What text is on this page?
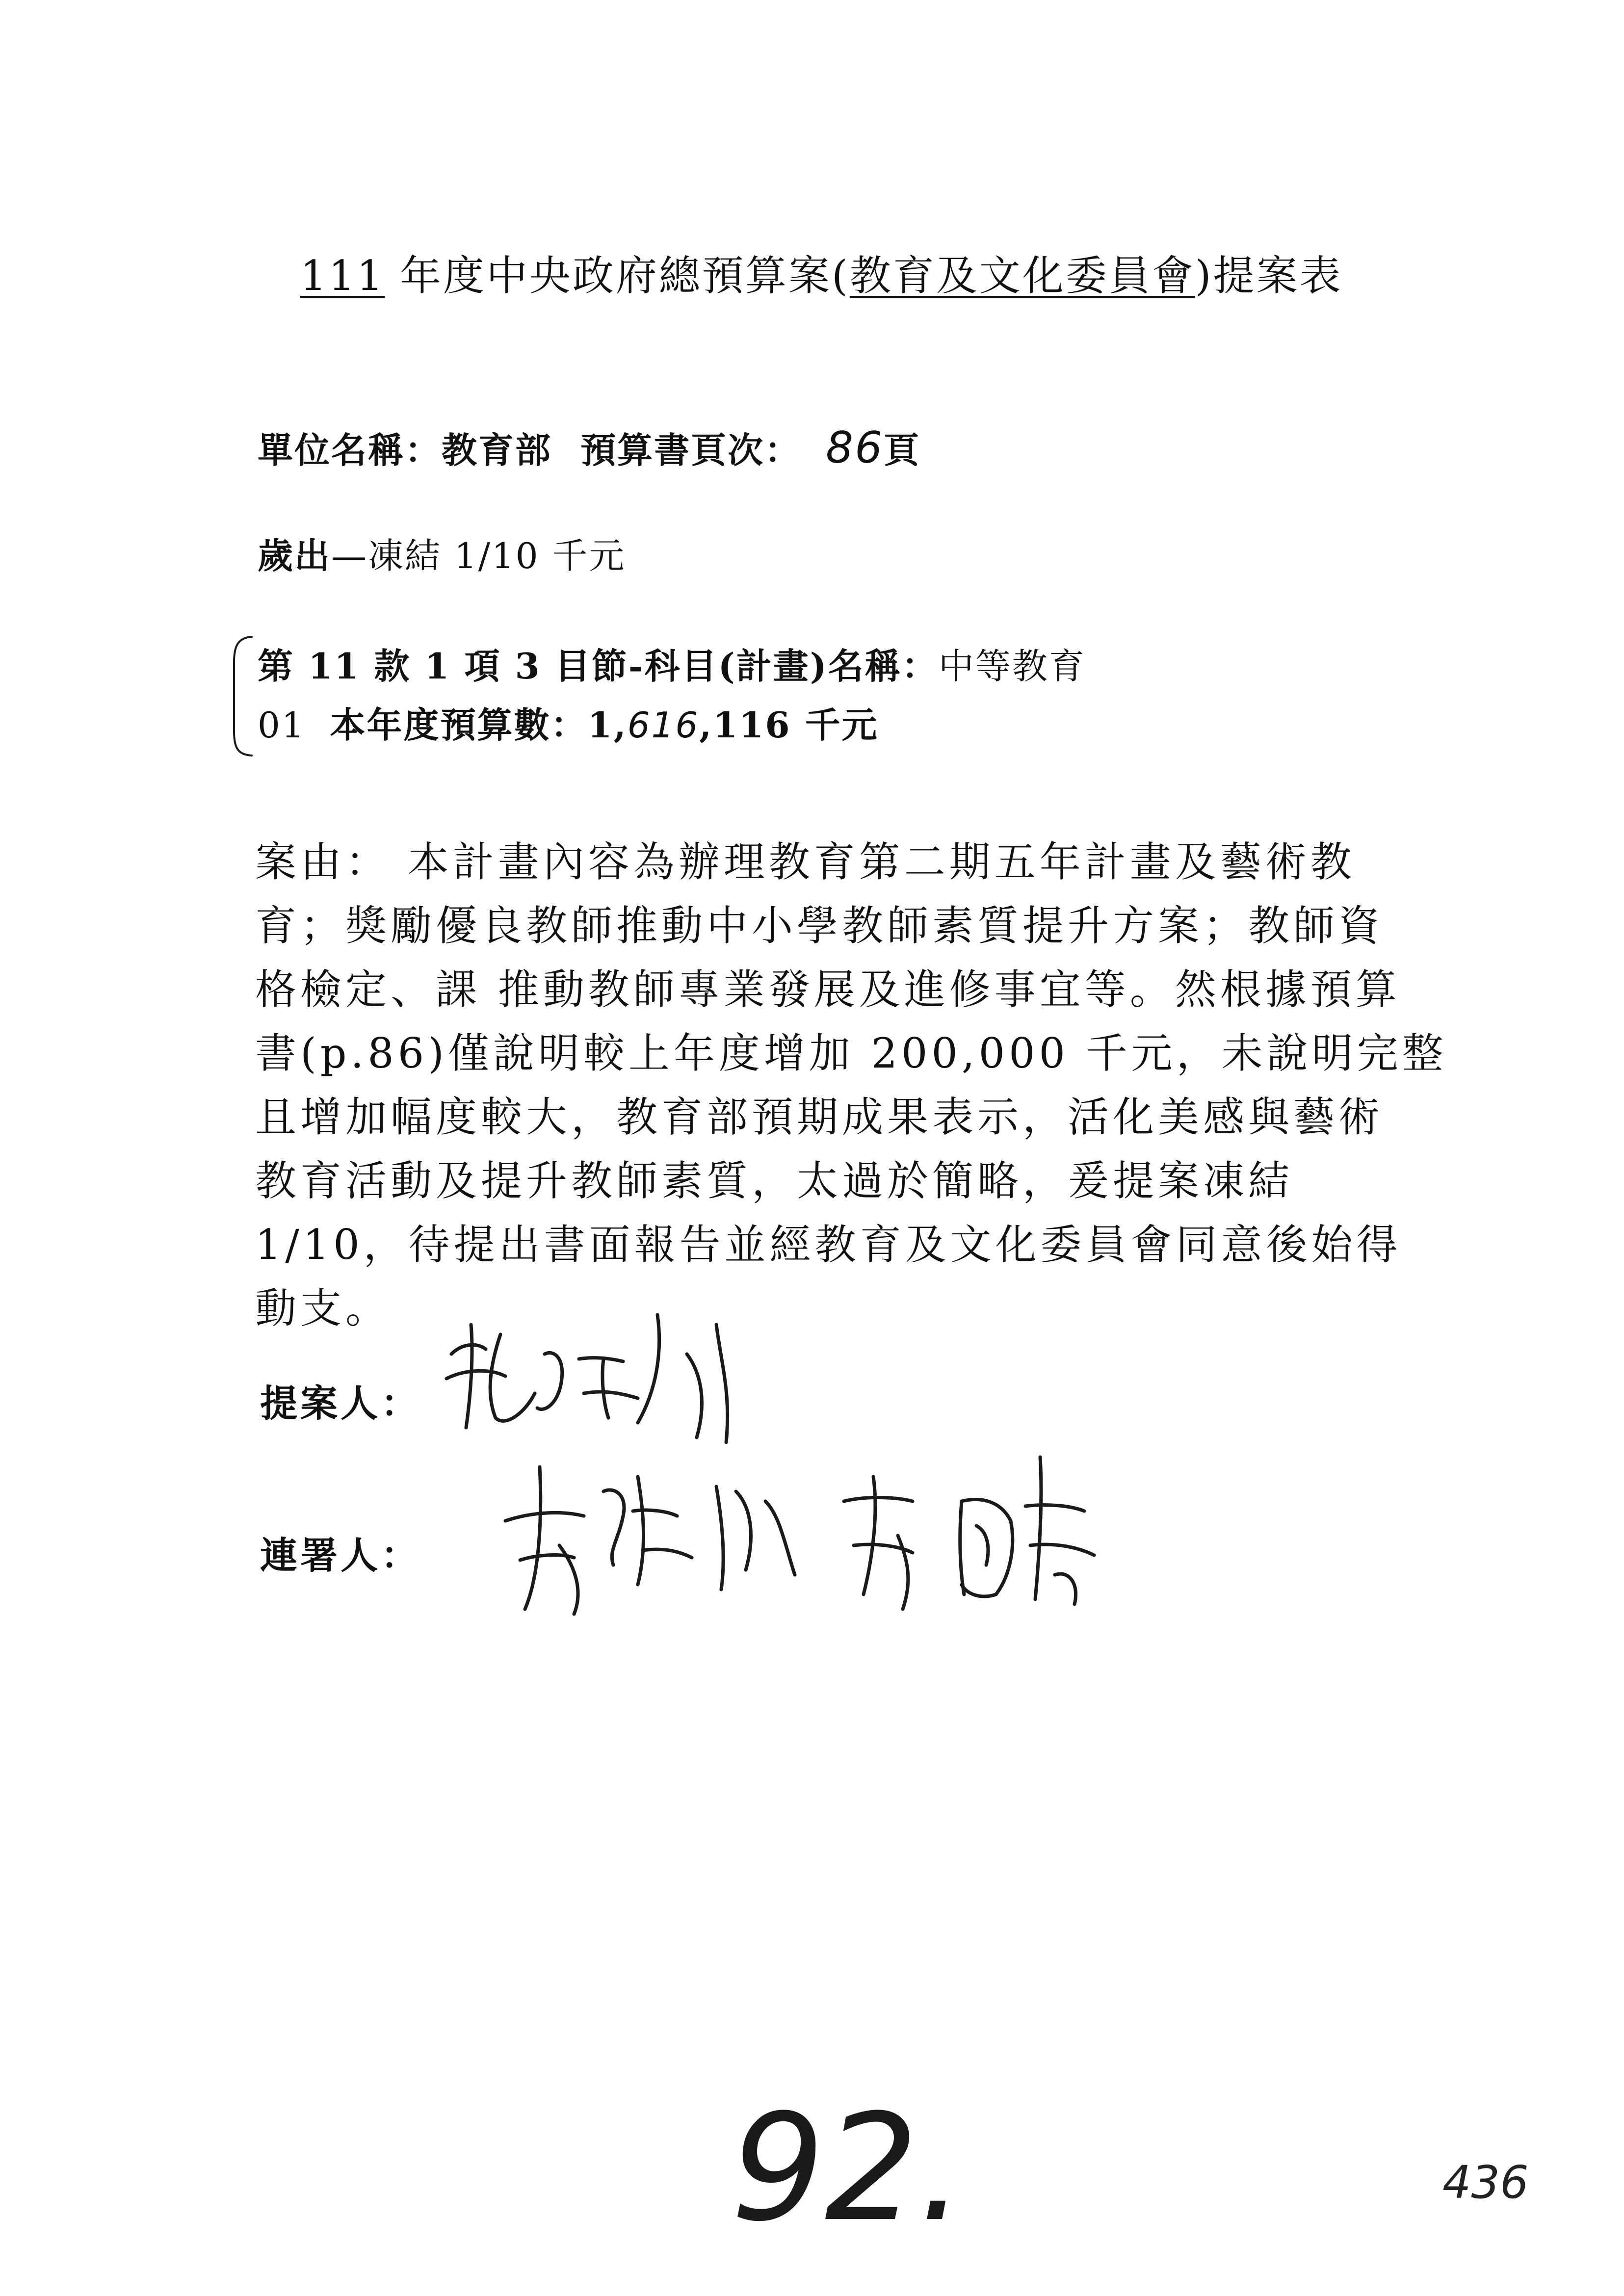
111 年度中央政府總預算案(教育及文化委員會)提案表
單位名稱：教育部 預算書頁次： 86頁
歲出—凍結 1/10 千元
第 11 款 1 項 3 目節-科目(計畫)名稱：中等教育
01 本年度預算數：1,616,116 千元
案由： 本計畫內容為辦理教育第二期五年計畫及藝術教
育；獎勵優良教師推動中小學教師素質提升方案；教師資
格檢定、課 推動教師專業發展及進修事宜等。然根據預算
書(p.86)僅說明較上年度增加 200,000 千元，未說明完整
且增加幅度較大，教育部預期成果表示，活化美感與藝術
教育活動及提升教師素質，太過於簡略，爰提案凍結
1/10，待提出書面報告並經教育及文化委員會同意後始得
動支。
提案人：
連署人：
92.	436
